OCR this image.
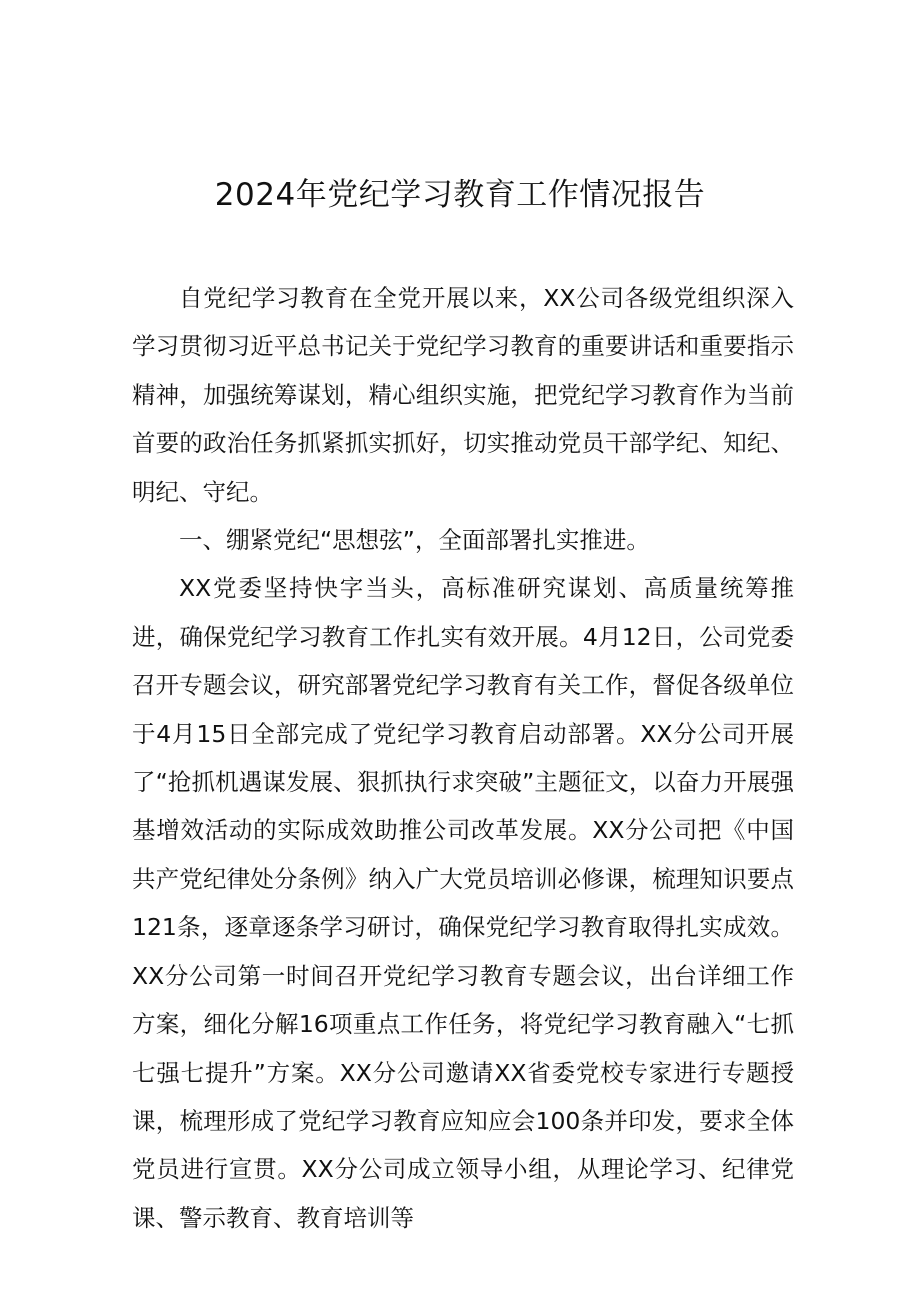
2024年党纪学习教育工作情况报告

自党纪学习教育在全党开展以来，XX公司各级党组织深入学习贯彻习近平总书记关于党纪学习教育的重要讲话和重要指示精神，加强统筹谋划，精心组织实施，把党纪学习教育作为当前首要的政治任务抓紧抓实抓好，切实推动党员干部学纪、知纪、明纪、守纪。

一、绷紧党纪“思想弦”，全面部署扎实推进。

XX党委坚持快字当头，高标准研究谋划、高质量统筹推进，确保党纪学习教育工作扎实有效开展。4月12日，公司党委召开专题会议，研究部署党纪学习教育有关工作，督促各级单位于4月15日全部完成了党纪学习教育启动部署。XX分公司开展了“抢抓机遇谋发展、狠抓执行求突破”主题征文，以奋力开展强基增效活动的实际成效助推公司改革发展。XX分公司把《中国共产党纪律处分条例》纳入广大党员培训必修课，梳理知识要点121条，逐章逐条学习研讨，确保党纪学习教育取得扎实成效。XX分公司第一时间召开党纪学习教育专题会议，出台详细工作方案，细化分解16项重点工作任务，将党纪学习教育融入“七抓七强七提升”方案。XX分公司邀请XX省委党校专家进行专题授课，梳理形成了党纪学习教育应知应会100条并印发，要求全体党员进行宣贯。XX分公司成立领导小组，从理论学习、纪律党课、警示教育、教育培训等
